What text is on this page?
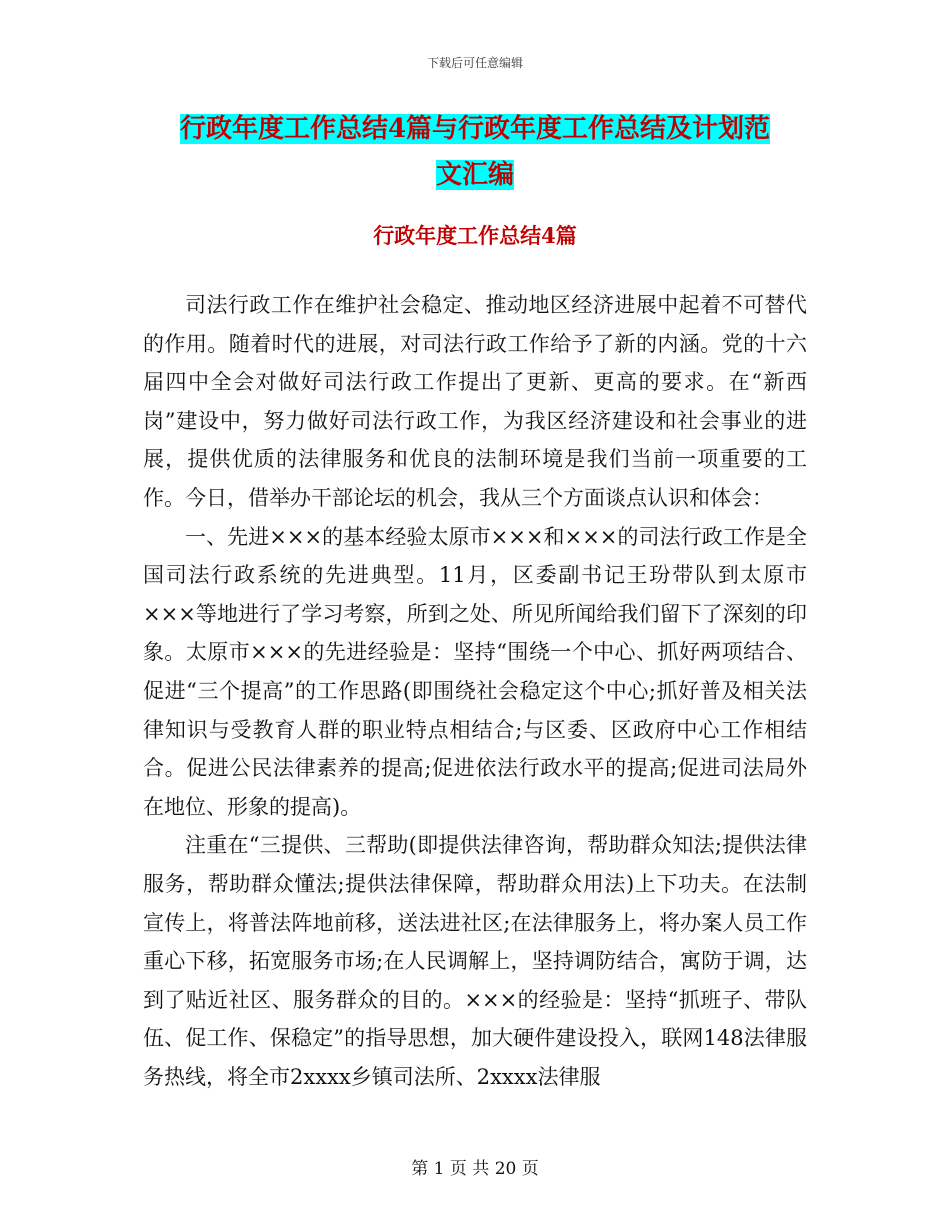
下载后可任意编辑
行政年度工作总结4篇与行政年度工作总结及计划范
文汇编
行政年度工作总结4篇

司法行政工作在维护社会稳定、推动地区经济进展中起着不可替代的作用。随着时代的进展，对司法行政工作给予了新的内涵。党的十六届四中全会对做好司法行政工作提出了更新、更高的要求。在“新西岗”建设中，努力做好司法行政工作，为我区经济建设和社会事业的进展，提供优质的法律服务和优良的法制环境是我们当前一项重要的工作。今日，借举办干部论坛的机会，我从三个方面谈点认识和体会：

一、先进×××的基本经验太原市×××和×××的司法行政工作是全国司法行政系统的先进典型。11月，区委副书记王玢带队到太原市×××等地进行了学习考察，所到之处、所见所闻给我们留下了深刻的印象。太原市×××的先进经验是：坚持“围绕一个中心、抓好两项结合、促进“三个提高”的工作思路(即围绕社会稳定这个中心;抓好普及相关法律知识与受教育人群的职业特点相结合;与区委、区政府中心工作相结合。促进公民法律素养的提高;促进依法行政水平的提高;促进司法局外在地位、形象的提高)。

注重在“三提供、三帮助(即提供法律咨询，帮助群众知法;提供法律服务，帮助群众懂法;提供法律保障，帮助群众用法)上下功夫。在法制宣传上，将普法阵地前移，送法进社区;在法律服务上，将办案人员工作重心下移，拓宽服务市场;在人民调解上，坚持调防结合，寓防于调，达到了贴近社区、服务群众的目的。×××的经验是：坚持“抓班子、带队伍、促工作、保稳定”的指导思想，加大硬件建设投入，联网148法律服务热线，将全市2xxxx乡镇司法所、2xxxx法律服

第 1 页 共 20 页
